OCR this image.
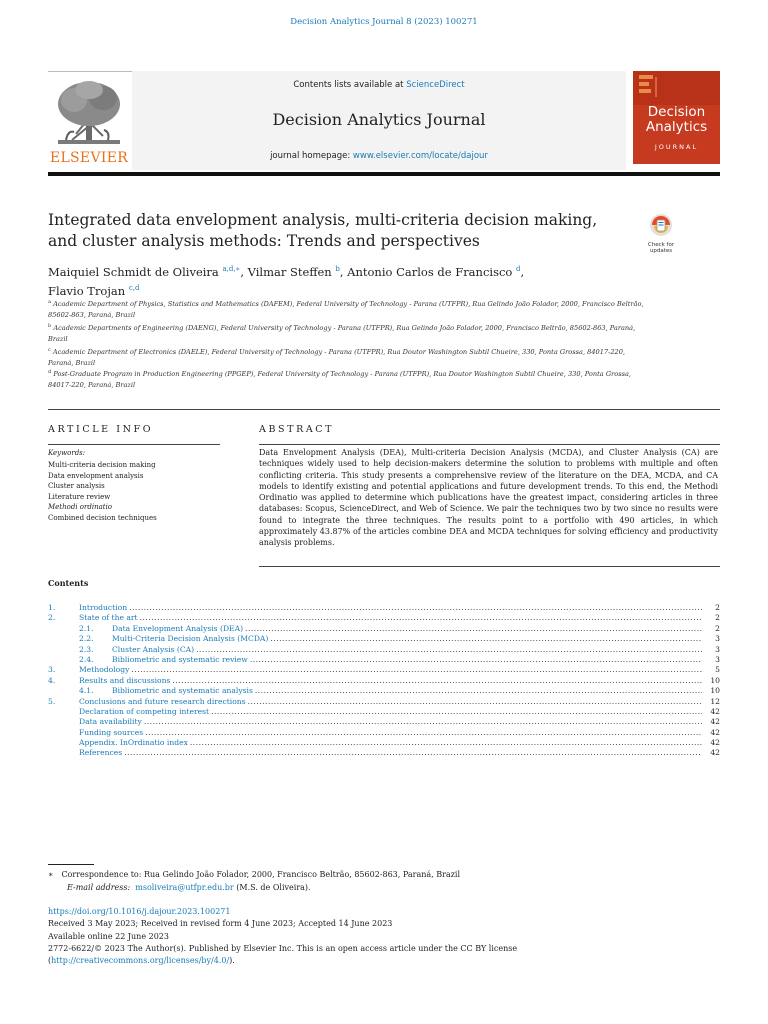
Decision Analytics Journal 8 (2023) 100271
Contents lists available at ScienceDirect
Decision Analytics Journal
journal homepage: www.elsevier.com/locate/dajour
ELSEVIER
Decision
Analytics
JOURNAL
Integrated data envelopment analysis, multi-criteria decision making, and cluster analysis methods: Trends and perspectives	Check for updates
Maiquiel Schmidt de Oliveira $^{a,d,∗}$, Vilmar Steffen $^b$, Antonio Carlos de Francisco $^d$,
Flavio Trojan $^{c,d}$
$^a$ Academic Department of Physics, Statistics and Mathematics (DAFEM), Federal University of Technology - Parana (UTFPR), Rua Gelindo João Folador, 2000, Francisco Beltrão, 85602-863, Paraná, Brazil
$^b$ Academic Departments of Engineering (DAENG), Federal University of Technology - Parana (UTFPR), Rua Gelindo João Folador, 2000, Francisco Beltrão, 85602-863, Paraná, Brazil
$^c$ Academic Department of Electronics (DAELE), Federal University of Technology - Parana (UTFPR), Rua Doutor Washington Subtil Chueire, 330, Ponta Grossa, 84017-220, Paraná, Brazil
$^d$ Post-Graduate Program in Production Engineering (PPGEP), Federal University of Technology - Parana (UTFPR), Rua Doutor Washington Subtil Chueire, 330, Ponta Grossa, 84017-220, Paraná, Brazil
ARTICLE INFO
Keywords:
Multi-criteria decision making
Data envelopment analysis
Cluster analysis
Literature review
Methodi ordinatio
Combined decision techniques
ABSTRACT
Data Envelopment Analysis (DEA), Multi-criteria Decision Analysis (MCDA), and Cluster Analysis (CA) are techniques widely used to help decision-makers determine the solution to problems with multiple and often conflicting criteria. This study presents a comprehensive review of the literature on the DEA, MCDA, and CA models to identify existing and potential applications and future development trends. To this end, the Methodi Ordinatio was applied to determine which publications have the greatest impact, considering articles in three databases: Scopus, ScienceDirect, and Web of Science. We pair the techniques two by two since no results were found to integrate the three techniques. The results point to a portfolio with 490 articles, in which approximately 43.87% of the articles combine DEA and MCDA techniques for solving efficiency and productivity analysis problems.
Contents
1.	Introduction .....	2
2.	State of the art .....	2
2.1.	Data Envelopment Analysis (DEA) .....	2
2.2.	Multi-Criteria Decision Analysis (MCDA) .....	3
2.3.	Cluster Analysis (CA) .....	3
2.4.	Bibliometric and systematic review .....	3
3.	Methodology .....	5
4.	Results and discussions .....	10
4.1.	Bibliometric and systematic analysis .....	10
5.	Conclusions and future research directions .....	12
Declaration of competing interest .....	42
Data availability .....	42
Funding sources .....	42
Appendix. InOrdinatio index .....	42
References .....	42
∗ Correspondence to: Rua Gelindo João Folador, 2000, Francisco Beltrão, 85602-863, Paraná, Brazil
E-mail address: msoliveira@utfpr.edu.br (M.S. de Oliveira).
https://doi.org/10.1016/j.dajour.2023.100271
Received 3 May 2023; Received in revised form 4 June 2023; Accepted 14 June 2023
Available online 22 June 2023
2772-6622/© 2023 The Author(s). Published by Elsevier Inc. This is an open access article under the CC BY license
(http://creativecommons.org/licenses/by/4.0/).
